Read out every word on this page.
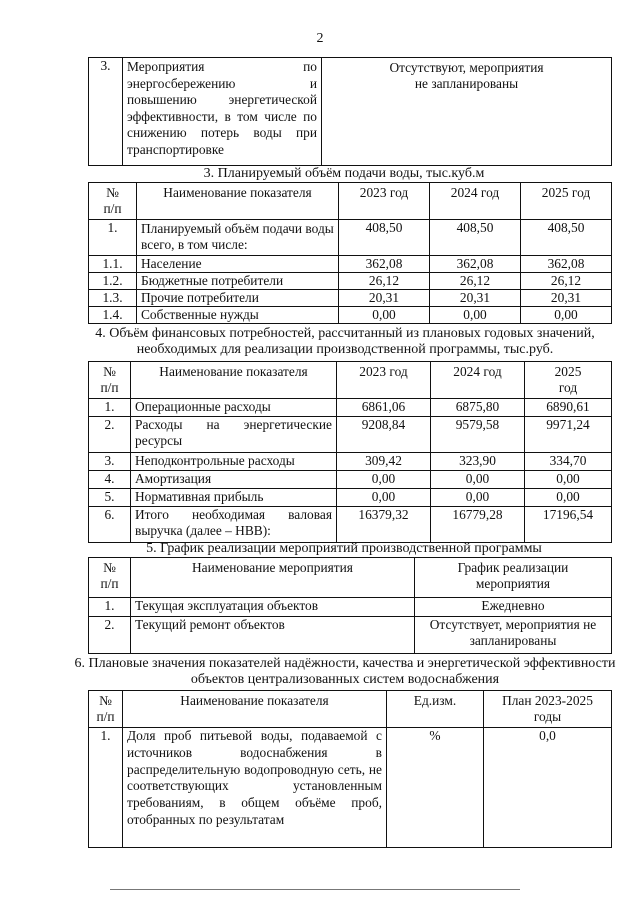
2
3.	Мероприятия по энергосбережению и повышению энергетической эффективности, в том числе по снижению потерь воды при транспортировке	Отсутствуют, мероприятия не запланированы
3. Планируемый объём подачи воды, тыс.куб.м
№ п/п	Наименование показателя	2023 год	2024 год	2025 год
1.	Планируемый объём подачи воды всего, в том числе:	408,50	408,50	408,50
1.1.	Население	362,08	362,08	362,08
1.2.	Бюджетные потребители	26,12	26,12	26,12
1.3.	Прочие потребители	20,31	20,31	20,31
1.4.	Собственные нужды	0,00	0,00	0,00
4. Объём финансовых потребностей, рассчитанный из плановых годовых значений, необходимых для реализации производственной программы, тыс.руб.
№ п/п	Наименование показателя	2023 год	2024 год	2025 год
1.	Операционные расходы	6861,06	6875,80	6890,61
2.	Расходы на энергетические ресурсы	9208,84	9579,58	9971,24
3.	Неподконтрольные расходы	309,42	323,90	334,70
4.	Амортизация	0,00	0,00	0,00
5.	Нормативная прибыль	0,00	0,00	0,00
6.	Итого необходимая валовая выручка (далее – НВВ):	16379,32	16779,28	17196,54
5. График реализации мероприятий производственной программы
№ п/п	Наименование мероприятия	График реализации мероприятия
1.	Текущая эксплуатация объектов	Ежедневно
2.	Текущий ремонт объектов	Отсутствует, мероприятия не запланированы
6. Плановые значения показателей надёжности, качества и энергетической эффективности объектов централизованных систем водоснабжения
№ п/п	Наименование показателя	Ед.изм.	План 2023-2025 годы
1.	Доля проб питьевой воды, подаваемой с источников водоснабжения в распределительную водопроводную сеть, не соответствующих установленным требованиям, в общем объёме проб, отобранных по результатам	%	0,0
